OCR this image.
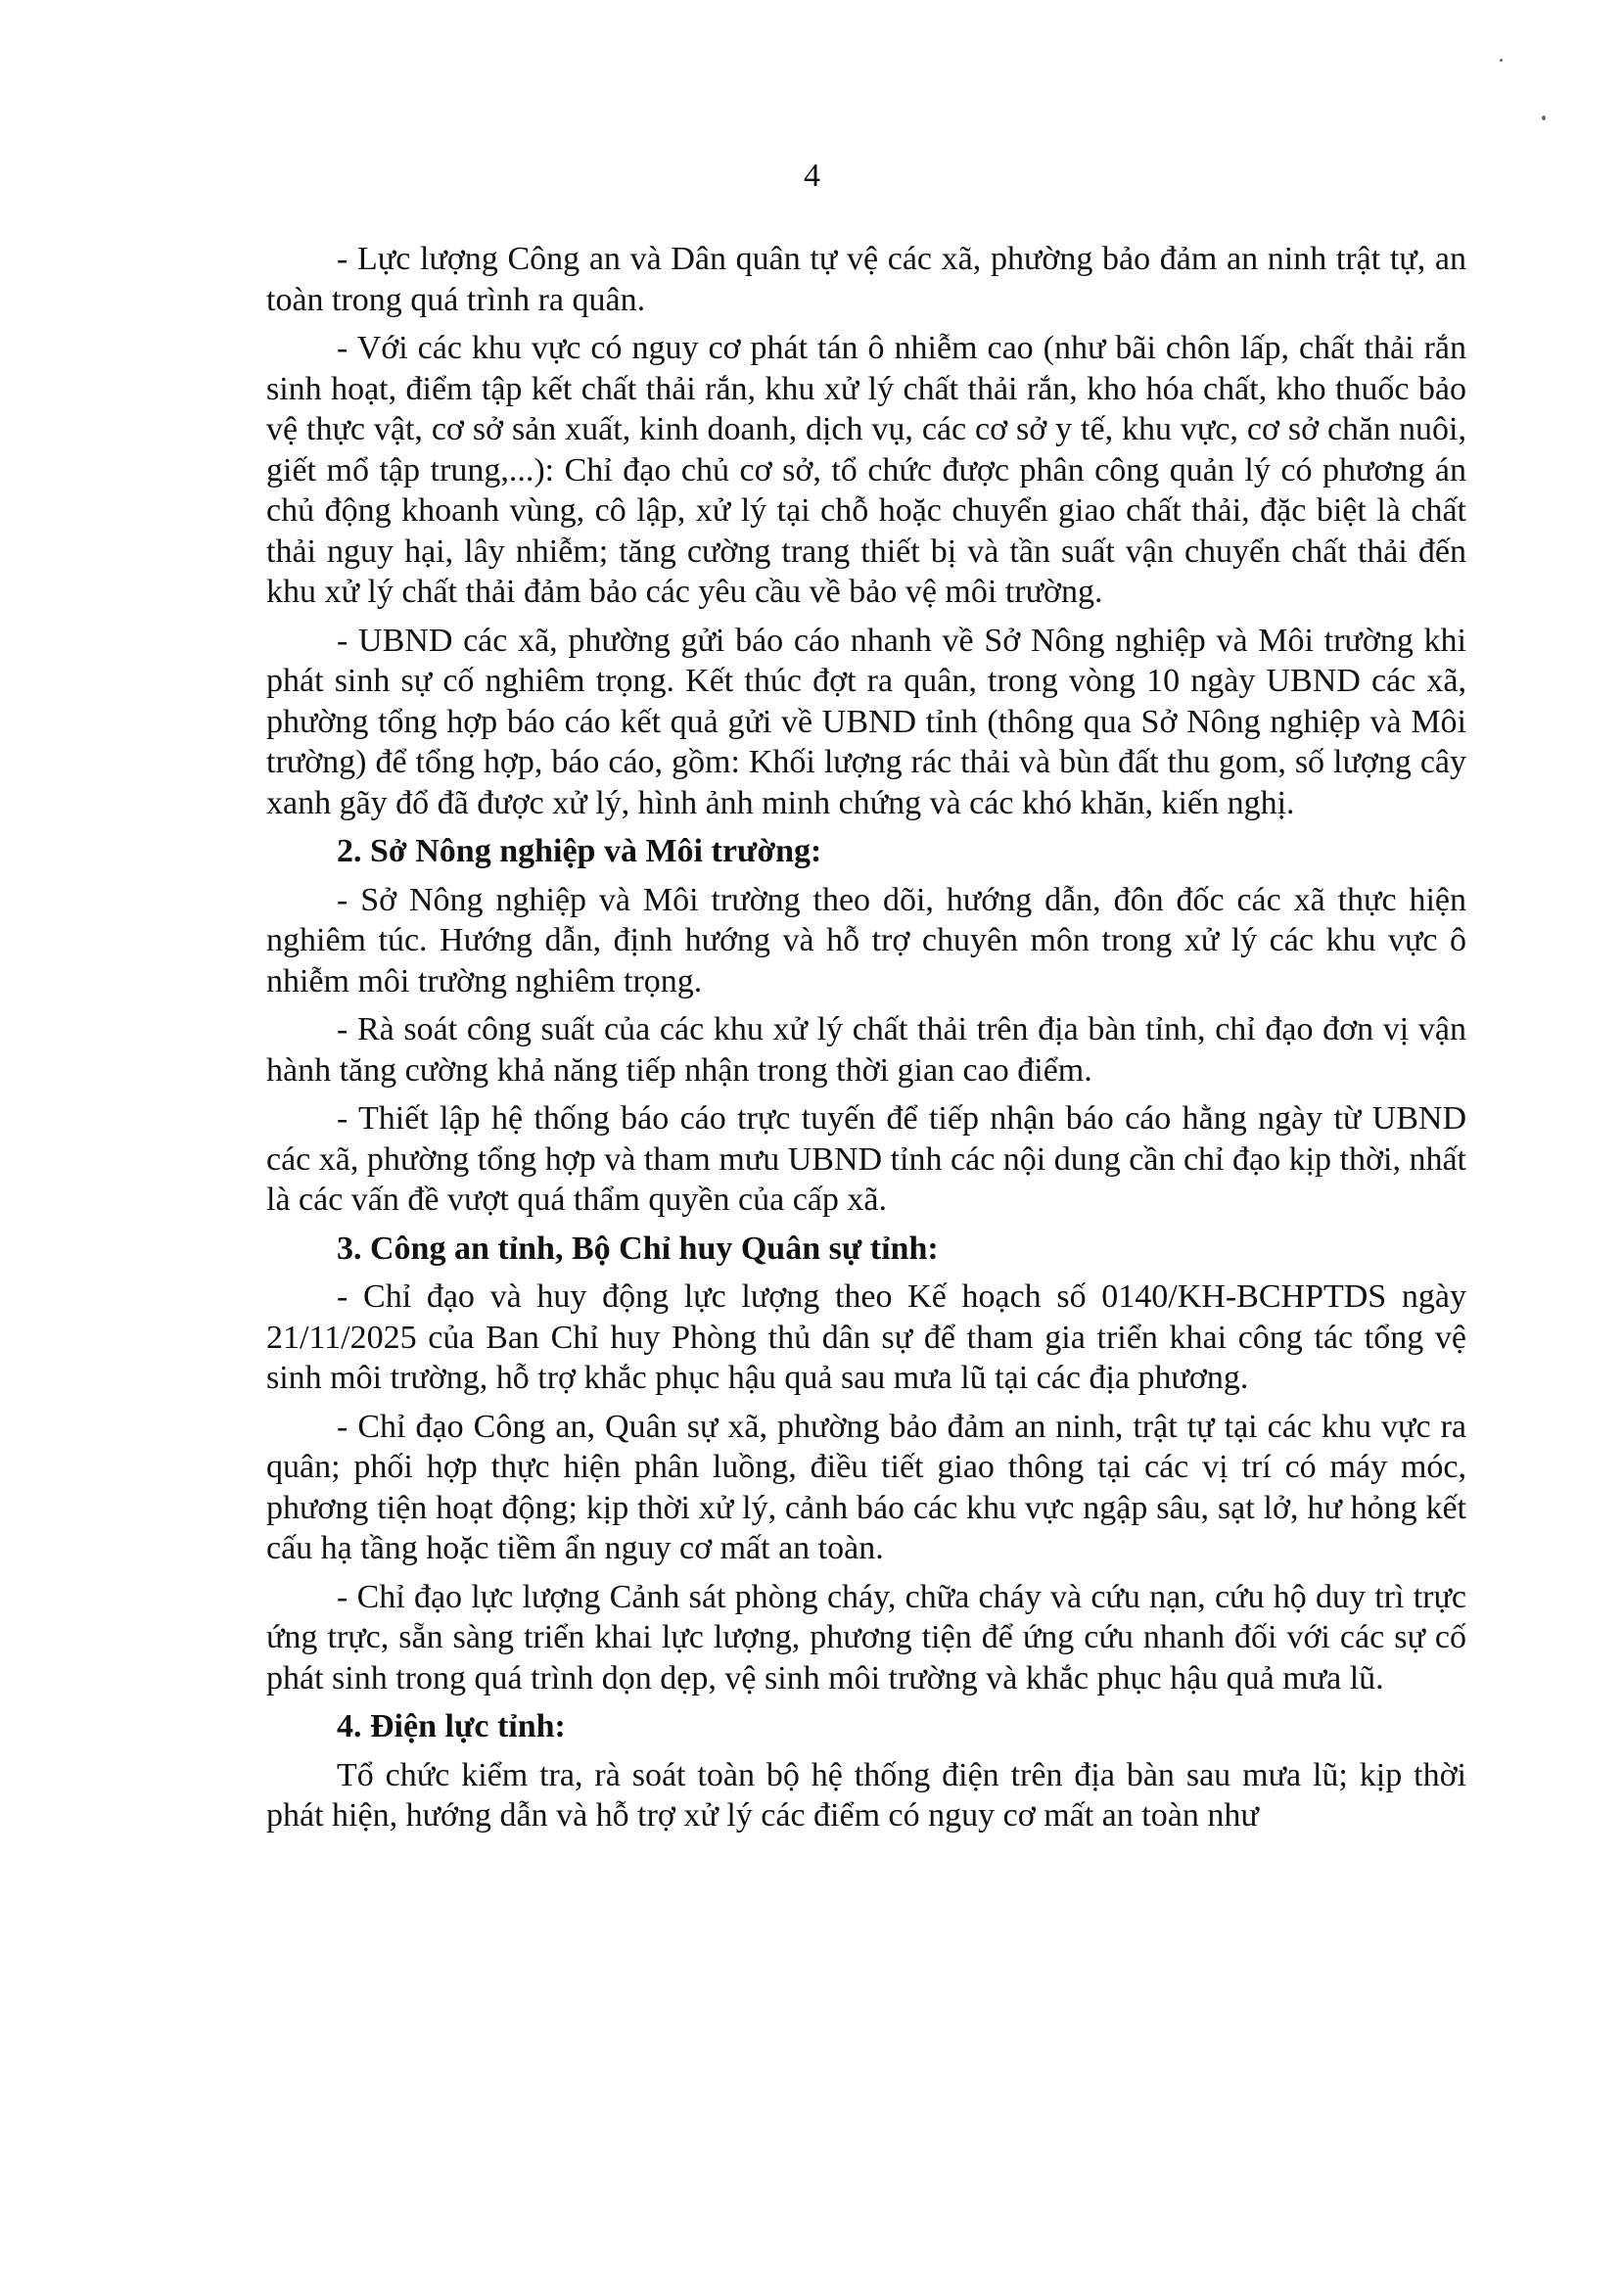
4

- Lực lượng Công an và Dân quân tự vệ các xã, phường bảo đảm an ninh trật tự, an toàn trong quá trình ra quân.

- Với các khu vực có nguy cơ phát tán ô nhiễm cao (như bãi chôn lấp, chất thải rắn sinh hoạt, điểm tập kết chất thải rắn, khu xử lý chất thải rắn, kho hóa chất, kho thuốc bảo vệ thực vật, cơ sở sản xuất, kinh doanh, dịch vụ, các cơ sở y tế, khu vực, cơ sở chăn nuôi, giết mổ tập trung,...): Chỉ đạo chủ cơ sở, tổ chức được phân công quản lý có phương án chủ động khoanh vùng, cô lập, xử lý tại chỗ hoặc chuyển giao chất thải, đặc biệt là chất thải nguy hại, lây nhiễm; tăng cường trang thiết bị và tần suất vận chuyển chất thải đến khu xử lý chất thải đảm bảo các yêu cầu về bảo vệ môi trường.

- UBND các xã, phường gửi báo cáo nhanh về Sở Nông nghiệp và Môi trường khi phát sinh sự cố nghiêm trọng. Kết thúc đợt ra quân, trong vòng 10 ngày UBND các xã, phường tổng hợp báo cáo kết quả gửi về UBND tỉnh (thông qua Sở Nông nghiệp và Môi trường) để tổng hợp, báo cáo, gồm: Khối lượng rác thải và bùn đất thu gom, số lượng cây xanh gãy đổ đã được xử lý, hình ảnh minh chứng và các khó khăn, kiến nghị.

2. Sở Nông nghiệp và Môi trường:

- Sở Nông nghiệp và Môi trường theo dõi, hướng dẫn, đôn đốc các xã thực hiện nghiêm túc. Hướng dẫn, định hướng và hỗ trợ chuyên môn trong xử lý các khu vực ô nhiễm môi trường nghiêm trọng.

- Rà soát công suất của các khu xử lý chất thải trên địa bàn tỉnh, chỉ đạo đơn vị vận hành tăng cường khả năng tiếp nhận trong thời gian cao điểm.

- Thiết lập hệ thống báo cáo trực tuyến để tiếp nhận báo cáo hằng ngày từ UBND các xã, phường tổng hợp và tham mưu UBND tỉnh các nội dung cần chỉ đạo kịp thời, nhất là các vấn đề vượt quá thẩm quyền của cấp xã.

3. Công an tỉnh, Bộ Chỉ huy Quân sự tỉnh:

- Chỉ đạo và huy động lực lượng theo Kế hoạch số 0140/KH-BCHPTDS ngày 21/11/2025 của Ban Chỉ huy Phòng thủ dân sự để tham gia triển khai công tác tổng vệ sinh môi trường, hỗ trợ khắc phục hậu quả sau mưa lũ tại các địa phương.

- Chỉ đạo Công an, Quân sự xã, phường bảo đảm an ninh, trật tự tại các khu vực ra quân; phối hợp thực hiện phân luồng, điều tiết giao thông tại các vị trí có máy móc, phương tiện hoạt động; kịp thời xử lý, cảnh báo các khu vực ngập sâu, sạt lở, hư hỏng kết cấu hạ tầng hoặc tiềm ẩn nguy cơ mất an toàn.

- Chỉ đạo lực lượng Cảnh sát phòng cháy, chữa cháy và cứu nạn, cứu hộ duy trì trực ứng trực, sẵn sàng triển khai lực lượng, phương tiện để ứng cứu nhanh đối với các sự cố phát sinh trong quá trình dọn dẹp, vệ sinh môi trường và khắc phục hậu quả mưa lũ.

4. Điện lực tỉnh:

Tổ chức kiểm tra, rà soát toàn bộ hệ thống điện trên địa bàn sau mưa lũ; kịp thời phát hiện, hướng dẫn và hỗ trợ xử lý các điểm có nguy cơ mất an toàn như
